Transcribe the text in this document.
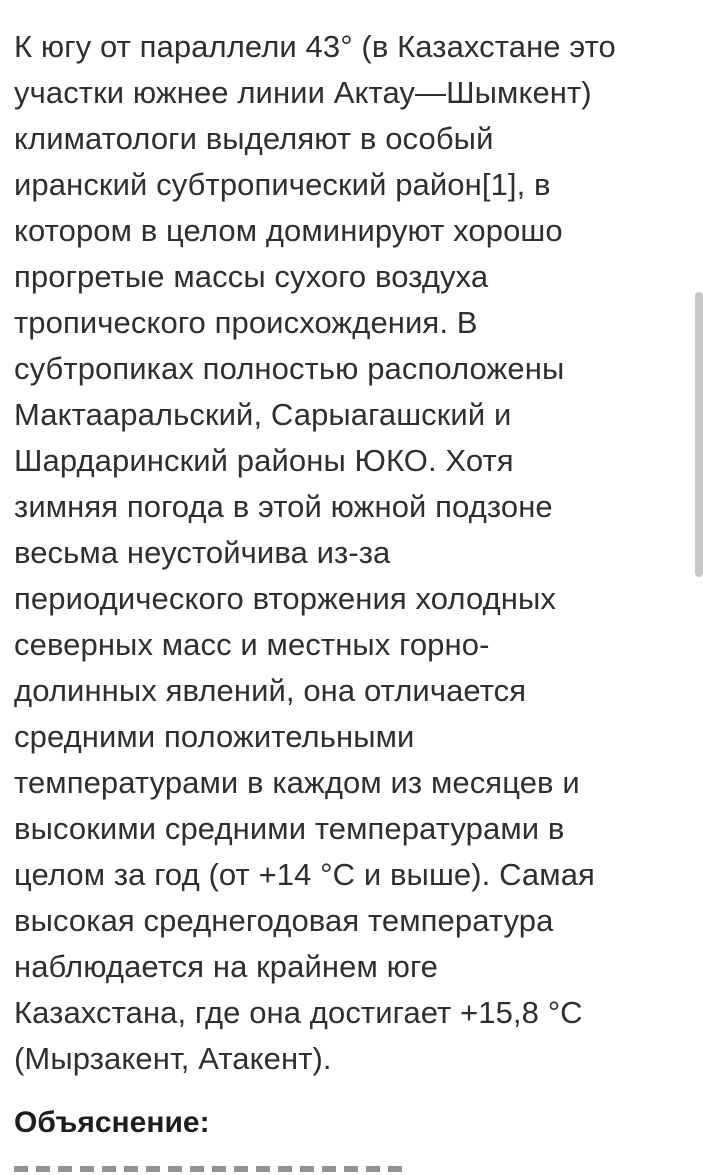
К югу от параллели 43° (в Казахстане это
участки южнее линии Актау—Шымкент)
климатологи выделяют в особый
иранский субтропический район[1], в
котором в целом доминируют хорошо
прогретые массы сухого воздуха
тропического происхождения. В
субтропиках полностью расположены
Мактааральский, Сарыагашский и
Шардаринский районы ЮКО. Хотя
зимняя погода в этой южной подзоне
весьма неустойчива из-за
периодического вторжения холодных
северных масс и местных горно-
долинных явлений, она отличается
средними положительными
температурами в каждом из месяцев и
высокими средними температурами в
целом за год (от +14 °С и выше). Самая
высокая среднегодовая температура
наблюдается на крайнем юге
Казахстана, где она достигает +15,8 °С
(Мырзакент, Атакент).
Объяснение:
